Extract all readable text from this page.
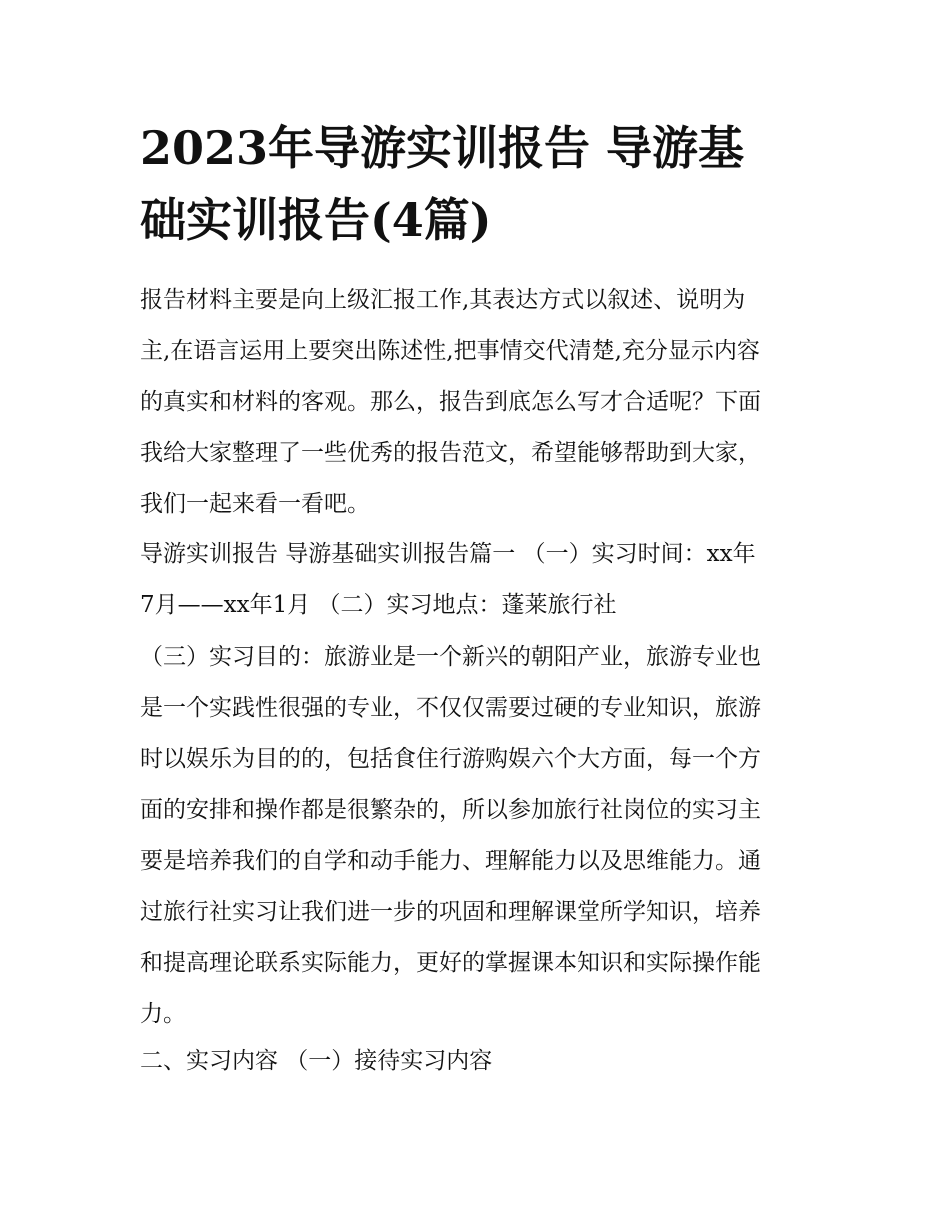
2023年导游实训报告 导游基
础实训报告(4篇)
报告材料主要是向上级汇报工作,其表达方式以叙述、说明为
主,在语言运用上要突出陈述性,把事情交代清楚,充分显示内容
的真实和材料的客观。那么，报告到底怎么写才合适呢？下面
我给大家整理了一些优秀的报告范文，希望能够帮助到大家，
我们一起来看一看吧。
导游实训报告 导游基础实训报告篇一 （一）实习时间：xx年
7月——xx年1月 （二）实习地点：蓬莱旅行社
（三）实习目的：旅游业是一个新兴的朝阳产业，旅游专业也
是一个实践性很强的专业，不仅仅需要过硬的专业知识，旅游
时以娱乐为目的的，包括食住行游购娱六个大方面，每一个方
面的安排和操作都是很繁杂的，所以参加旅行社岗位的实习主
要是培养我们的自学和动手能力、理解能力以及思维能力。通
过旅行社实习让我们进一步的巩固和理解课堂所学知识，培养
和提高理论联系实际能力，更好的掌握课本知识和实际操作能
力。
二、实习内容 （一）接待实习内容
